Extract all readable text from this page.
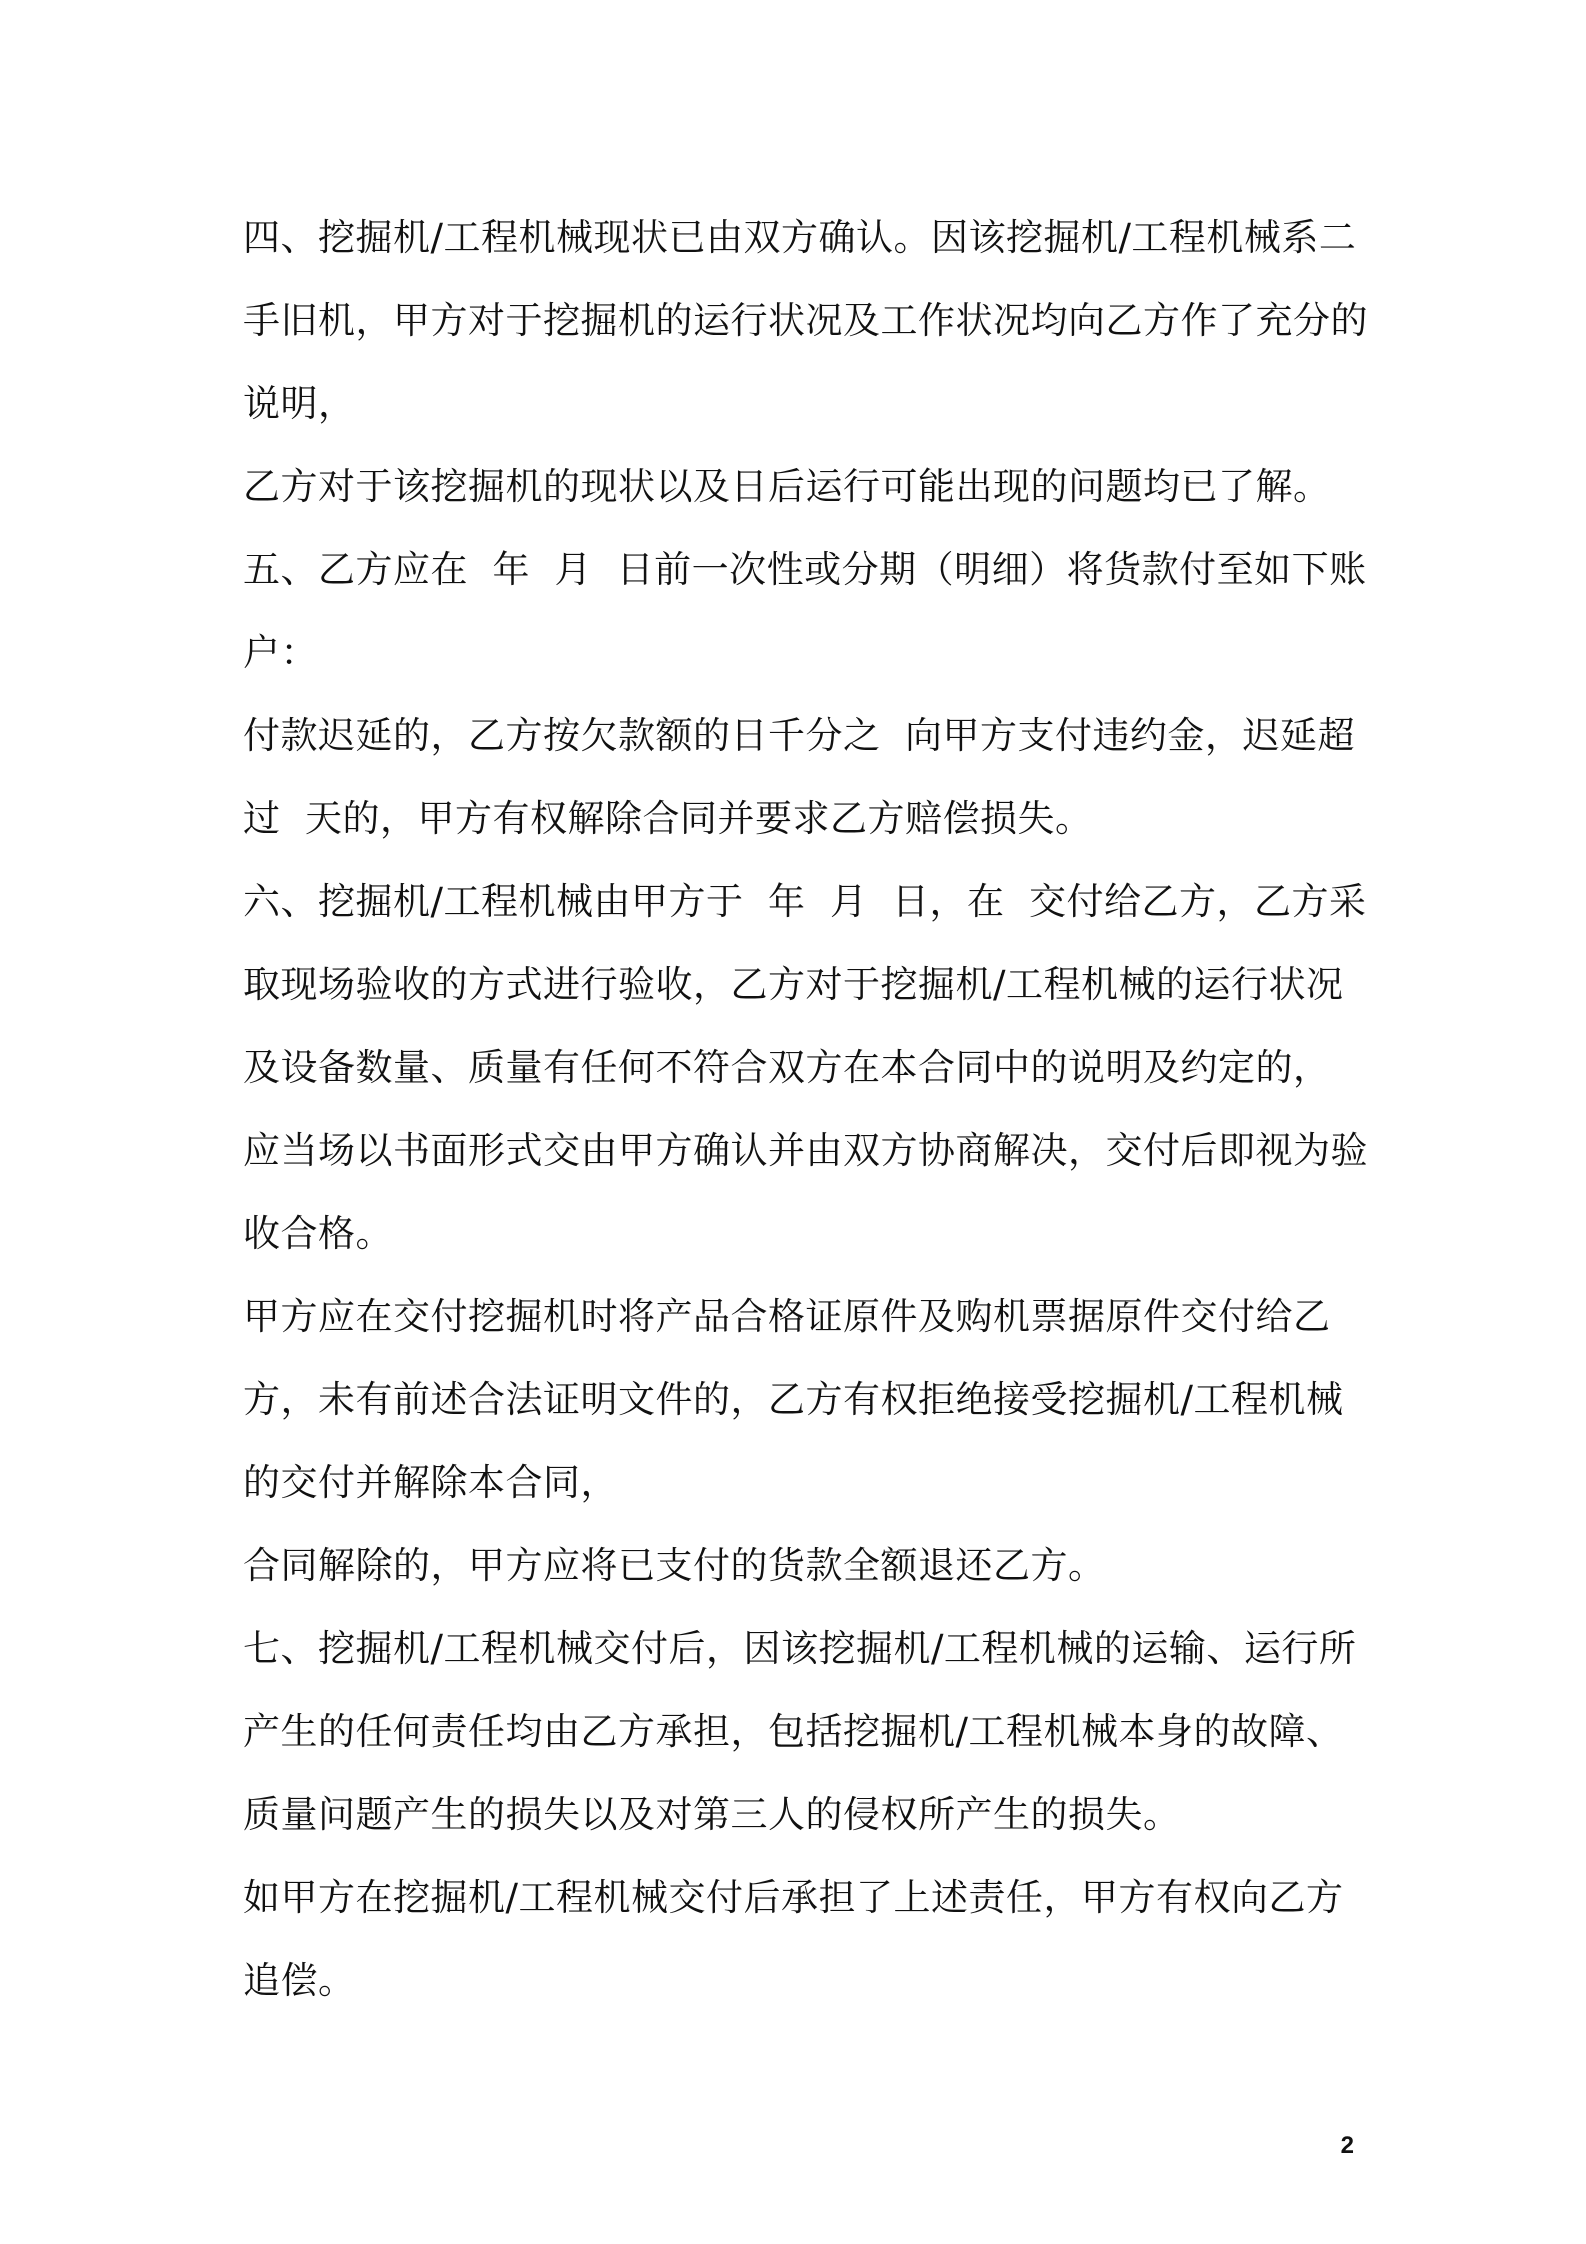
四、挖掘机/工程机械现状已由双方确认。因该挖掘机/工程机械系二
手旧机，甲方对于挖掘机的运行状况及工作状况均向乙方作了充分的
说明，
乙方对于该挖掘机的现状以及日后运行可能出现的问题均已了解。
五、乙方应在  年  月  日前一次性或分期（明细）将货款付至如下账
户：
付款迟延的，乙方按欠款额的日千分之  向甲方支付违约金，迟延超
过  天的，甲方有权解除合同并要求乙方赔偿损失。
六、挖掘机/工程机械由甲方于  年  月  日，在  交付给乙方，乙方采
取现场验收的方式进行验收，乙方对于挖掘机/工程机械的运行状况
及设备数量、质量有任何不符合双方在本合同中的说明及约定的，
应当场以书面形式交由甲方确认并由双方协商解决，交付后即视为验
收合格。
甲方应在交付挖掘机时将产品合格证原件及购机票据原件交付给乙
方，未有前述合法证明文件的，乙方有权拒绝接受挖掘机/工程机械
的交付并解除本合同，
合同解除的，甲方应将已支付的货款全额退还乙方。
七、挖掘机/工程机械交付后，因该挖掘机/工程机械的运输、运行所
产生的任何责任均由乙方承担，包括挖掘机/工程机械本身的故障、
质量问题产生的损失以及对第三人的侵权所产生的损失。
如甲方在挖掘机/工程机械交付后承担了上述责任，甲方有权向乙方
追偿。
2
